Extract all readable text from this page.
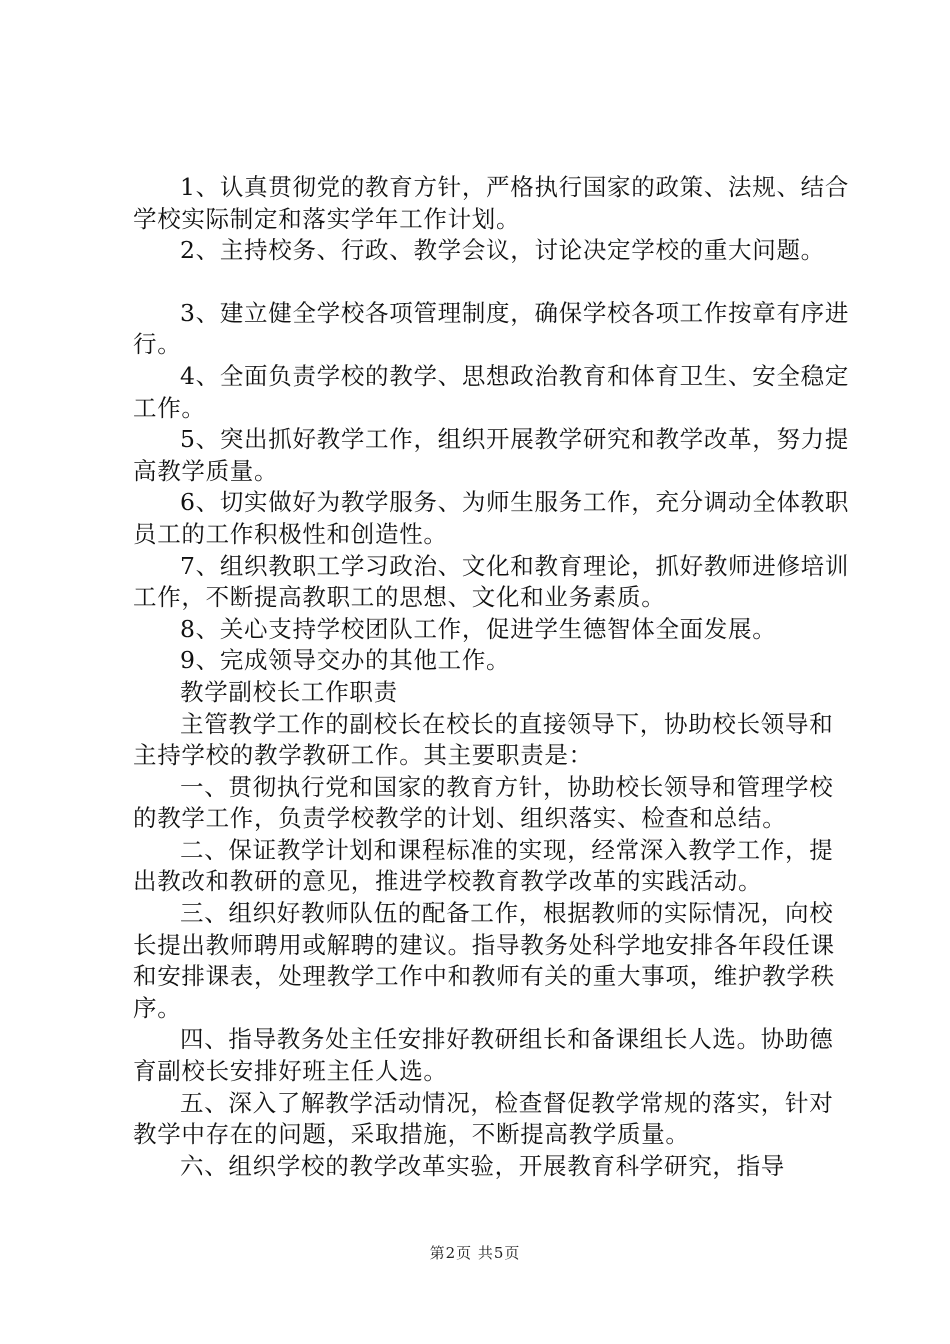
1、认真贯彻党的教育方针，严格执行国家的政策、法规、结合学校实际制定和落实学年工作计划。

2、主持校务、行政、教学会议，讨论决定学校的重大问题。

3、建立健全学校各项管理制度，确保学校各项工作按章有序进行。

4、全面负责学校的教学、思想政治教育和体育卫生、安全稳定工作。

5、突出抓好教学工作，组织开展教学研究和教学改革，努力提高教学质量。

6、切实做好为教学服务、为师生服务工作，充分调动全体教职员工的工作积极性和创造性。

7、组织教职工学习政治、文化和教育理论，抓好教师进修培训工作，不断提高教职工的思想、文化和业务素质。

8、关心支持学校团队工作，促进学生德智体全面发展。

9、完成领导交办的其他工作。

教学副校长工作职责

主管教学工作的副校长在校长的直接领导下，协助校长领导和主持学校的教学教研工作。其主要职责是：

一、贯彻执行党和国家的教育方针，协助校长领导和管理学校的教学工作，负责学校教学的计划、组织落实、检查和总结。

二、保证教学计划和课程标准的实现，经常深入教学工作，提出教改和教研的意见，推进学校教育教学改革的实践活动。

三、组织好教师队伍的配备工作，根据教师的实际情况，向校长提出教师聘用或解聘的建议。指导教务处科学地安排各年段任课和安排课表，处理教学工作中和教师有关的重大事项，维护教学秩序。

四、指导教务处主任安排好教研组长和备课组长人选。协助德育副校长安排好班主任人选。

五、深入了解教学活动情况，检查督促教学常规的落实，针对教学中存在的问题，采取措施，不断提高教学质量。

六、组织学校的教学改革实验，开展教育科学研究，指导

第2页 共5页
